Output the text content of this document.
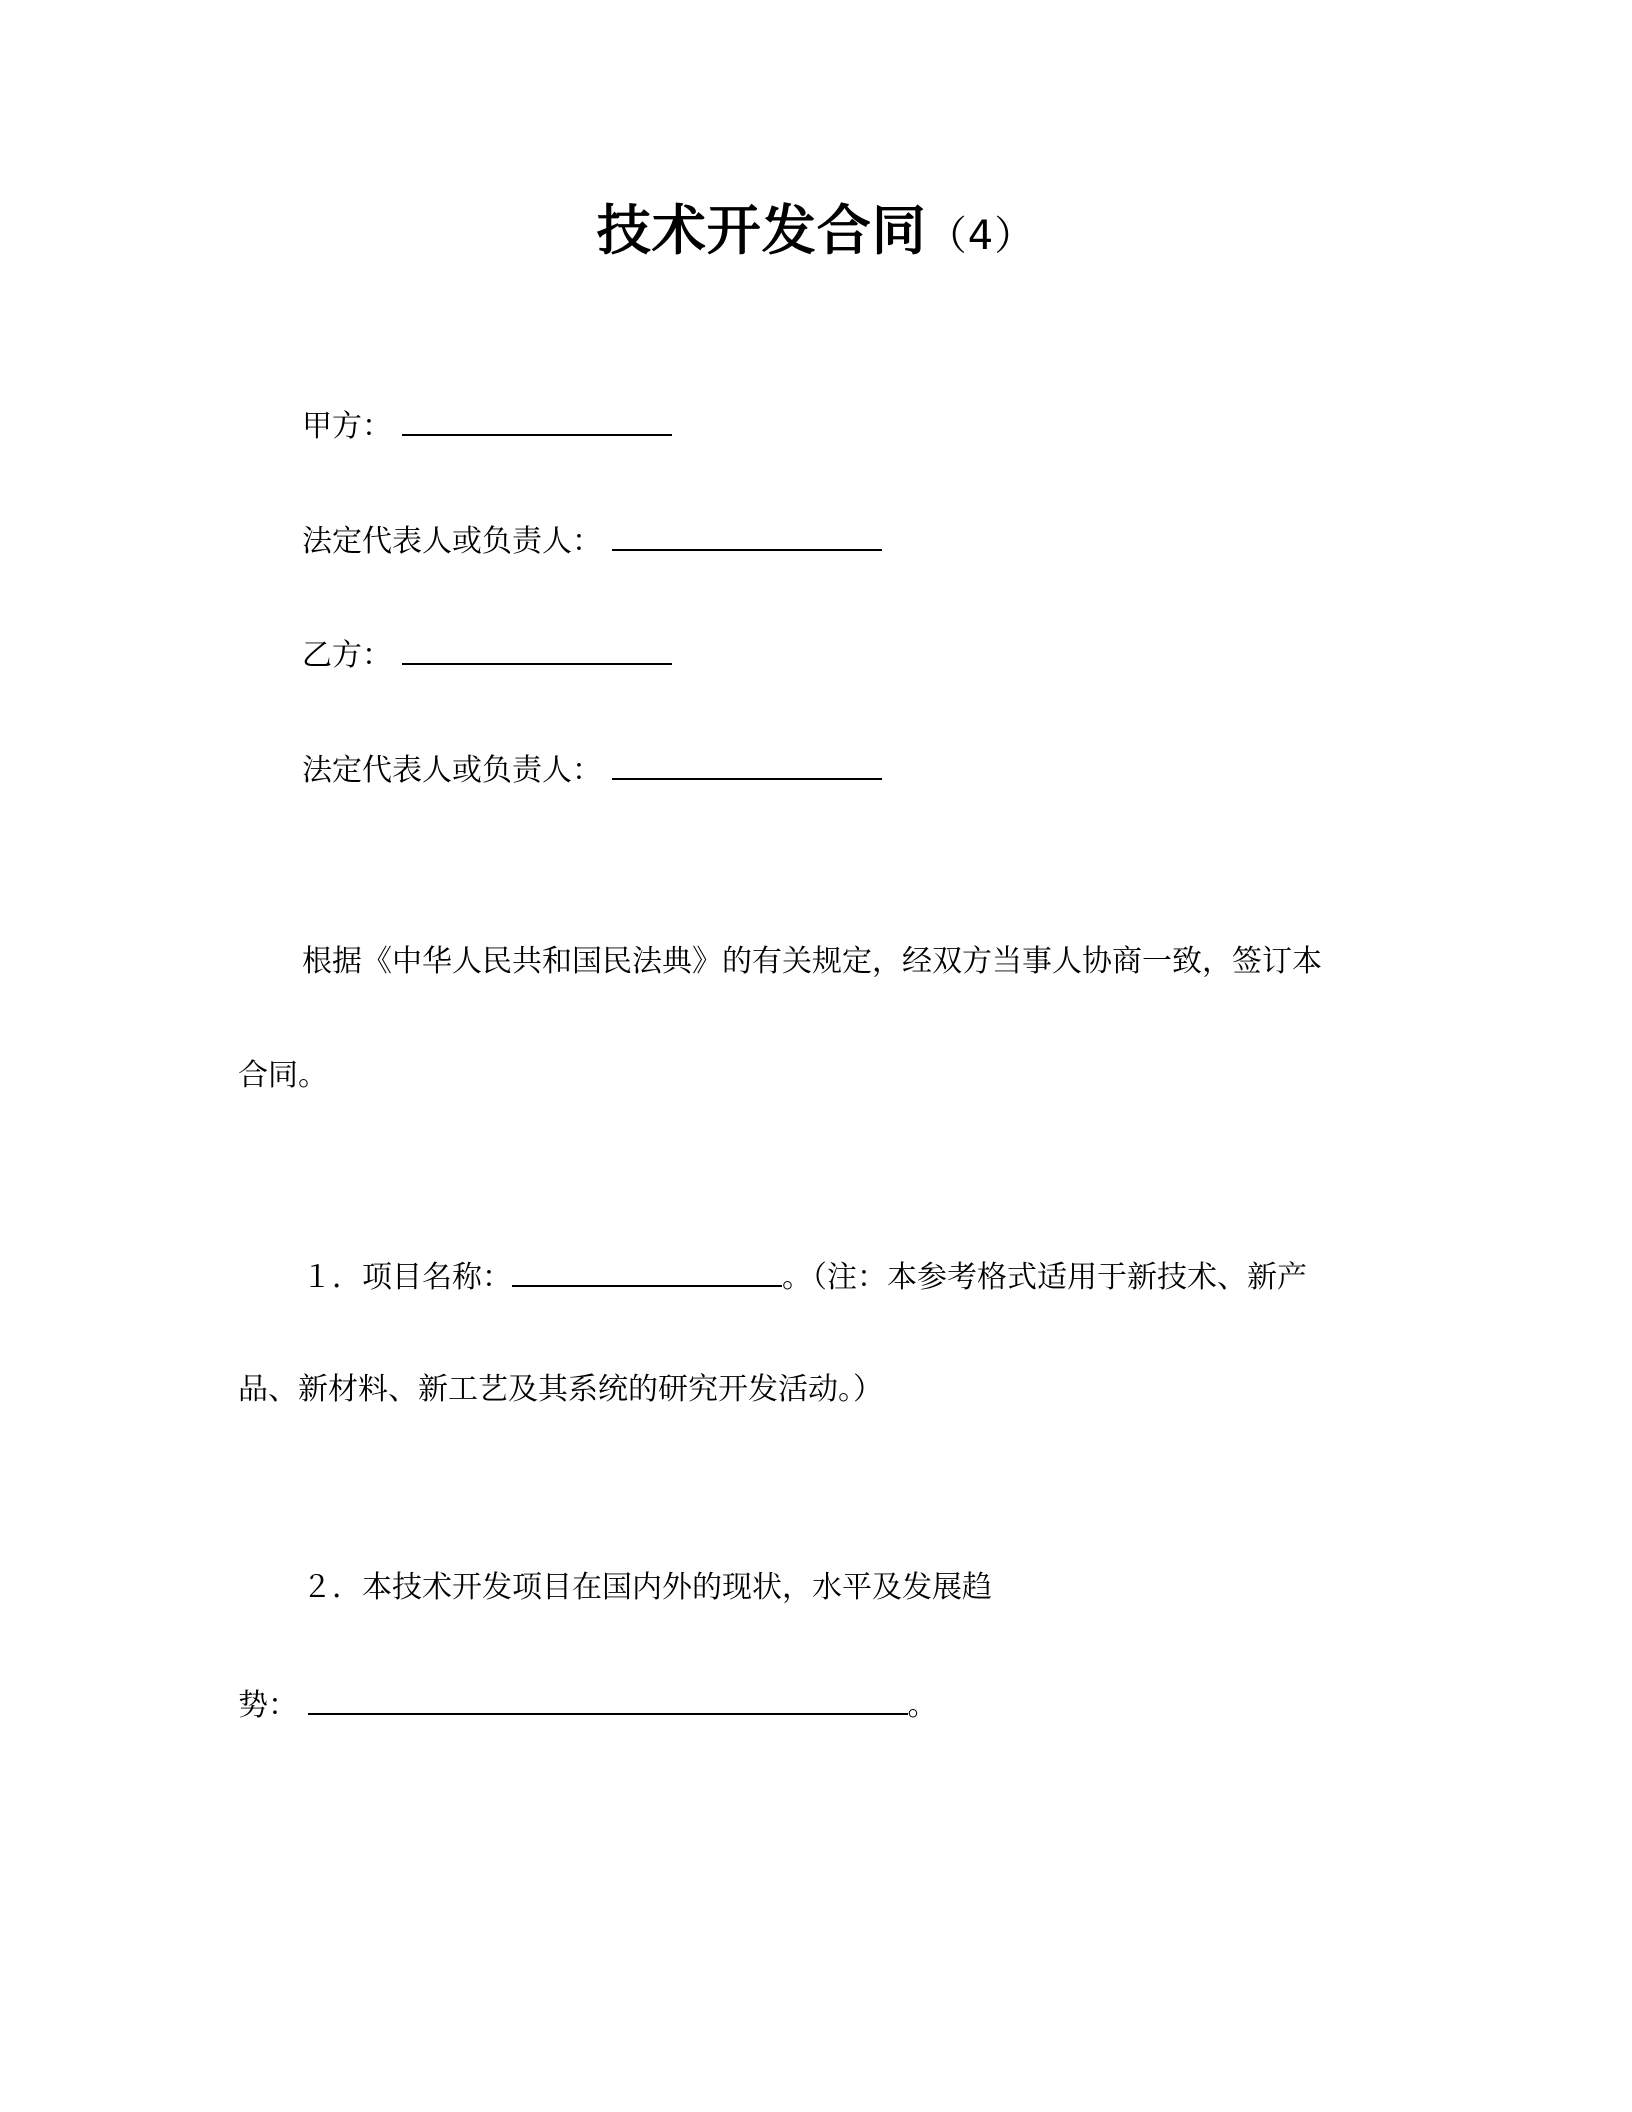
技术开发合同（4）
甲方：
法定代表人或负责人：
乙方：
法定代表人或负责人：
根据《中华人民共和国民法典》的有关规定，经双方当事人协商一致，签订本
合同。
１．项目名称：	。（注：本参考格式适用于新技术、新产
品、新材料、新工艺及其系统的研究开发活动。）
２．本技术开发项目在国内外的现状，水平及发展趋
势：	。
